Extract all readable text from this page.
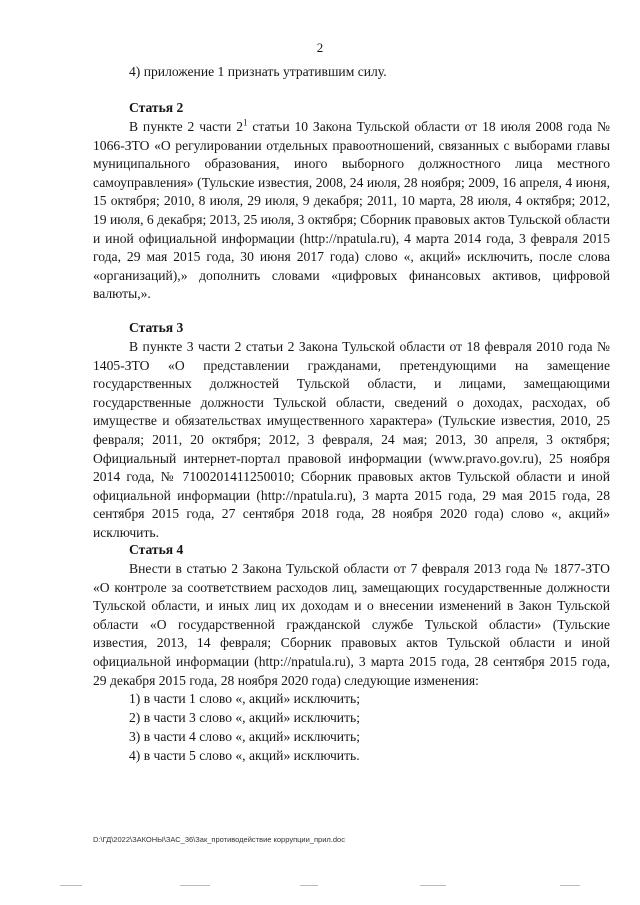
2

4) приложение 1 признать утратившим силу.

Статья 2

В пункте 2 части $2^1$ статьи 10 Закона Тульской области от 18 июля 2008 года № 1066-ЗТО «О регулировании отдельных правоотношений, связанных с выборами главы муниципального образования, иного выборного должностного лица местного самоуправления» (Тульские известия, 2008, 24 июля, 28 ноября; 2009, 16 апреля, 4 июня, 15 октября; 2010, 8 июля, 29 июля, 9 декабря; 2011, 10 марта, 28 июля, 4 октября; 2012, 19 июля, 6 декабря; 2013, 25 июля, 3 октября; Сборник правовых актов Тульской области и иной официальной информации (http://npatula.ru), 4 марта 2014 года, 3 февраля 2015 года, 29 мая 2015 года, 30 июня 2017 года) слово «, акций» исключить, после слова «организаций),» дополнить словами «цифровых финансовых активов, цифровой валюты,».

Статья 3

В пункте 3 части 2 статьи 2 Закона Тульской области от 18 февраля 2010 года № 1405-ЗТО «О представлении гражданами, претендующими на замещение государственных должностей Тульской области, и лицами, замещающими государственные должности Тульской области, сведений о доходах, расходах, об имуществе и обязательствах имущественного характера» (Тульские известия, 2010, 25 февраля; 2011, 20 октября; 2012, 3 февраля, 24 мая; 2013, 30 апреля, 3 октября; Официальный интернет-портал правовой информации (www.pravo.gov.ru), 25 ноября 2014 года, № 7100201411250010; Сборник правовых актов Тульской области и иной официальной информации (http://npatula.ru), 3 марта 2015 года, 29 мая 2015 года, 28 сентября 2015 года, 27 сентября 2018 года, 28 ноября 2020 года) слово «, акций» исключить.

Статья 4

Внести в статью 2 Закона Тульской области от 7 февраля 2013 года № 1877-ЗТО «О контроле за соответствием расходов лиц, замещающих государственные должности Тульской области, и иных лиц их доходам и о внесении изменений в Закон Тульской области «О государственной гражданской службе Тульской области» (Тульские известия, 2013, 14 февраля; Сборник правовых актов Тульской области и иной официальной информации (http://npatula.ru), 3 марта 2015 года, 28 сентября 2015 года, 29 декабря 2015 года, 28 ноября 2020 года) следующие изменения:

1) в части 1 слово «, акций» исключить;

2) в части 3 слово «, акций» исключить;

3) в части 4 слово «, акций» исключить;

4) в части 5 слово «, акций» исключить.

D:\ГД\2022\ЗАКОНЫ\ЗАС_36\Зак_противодействие коррупции_прил.doc
